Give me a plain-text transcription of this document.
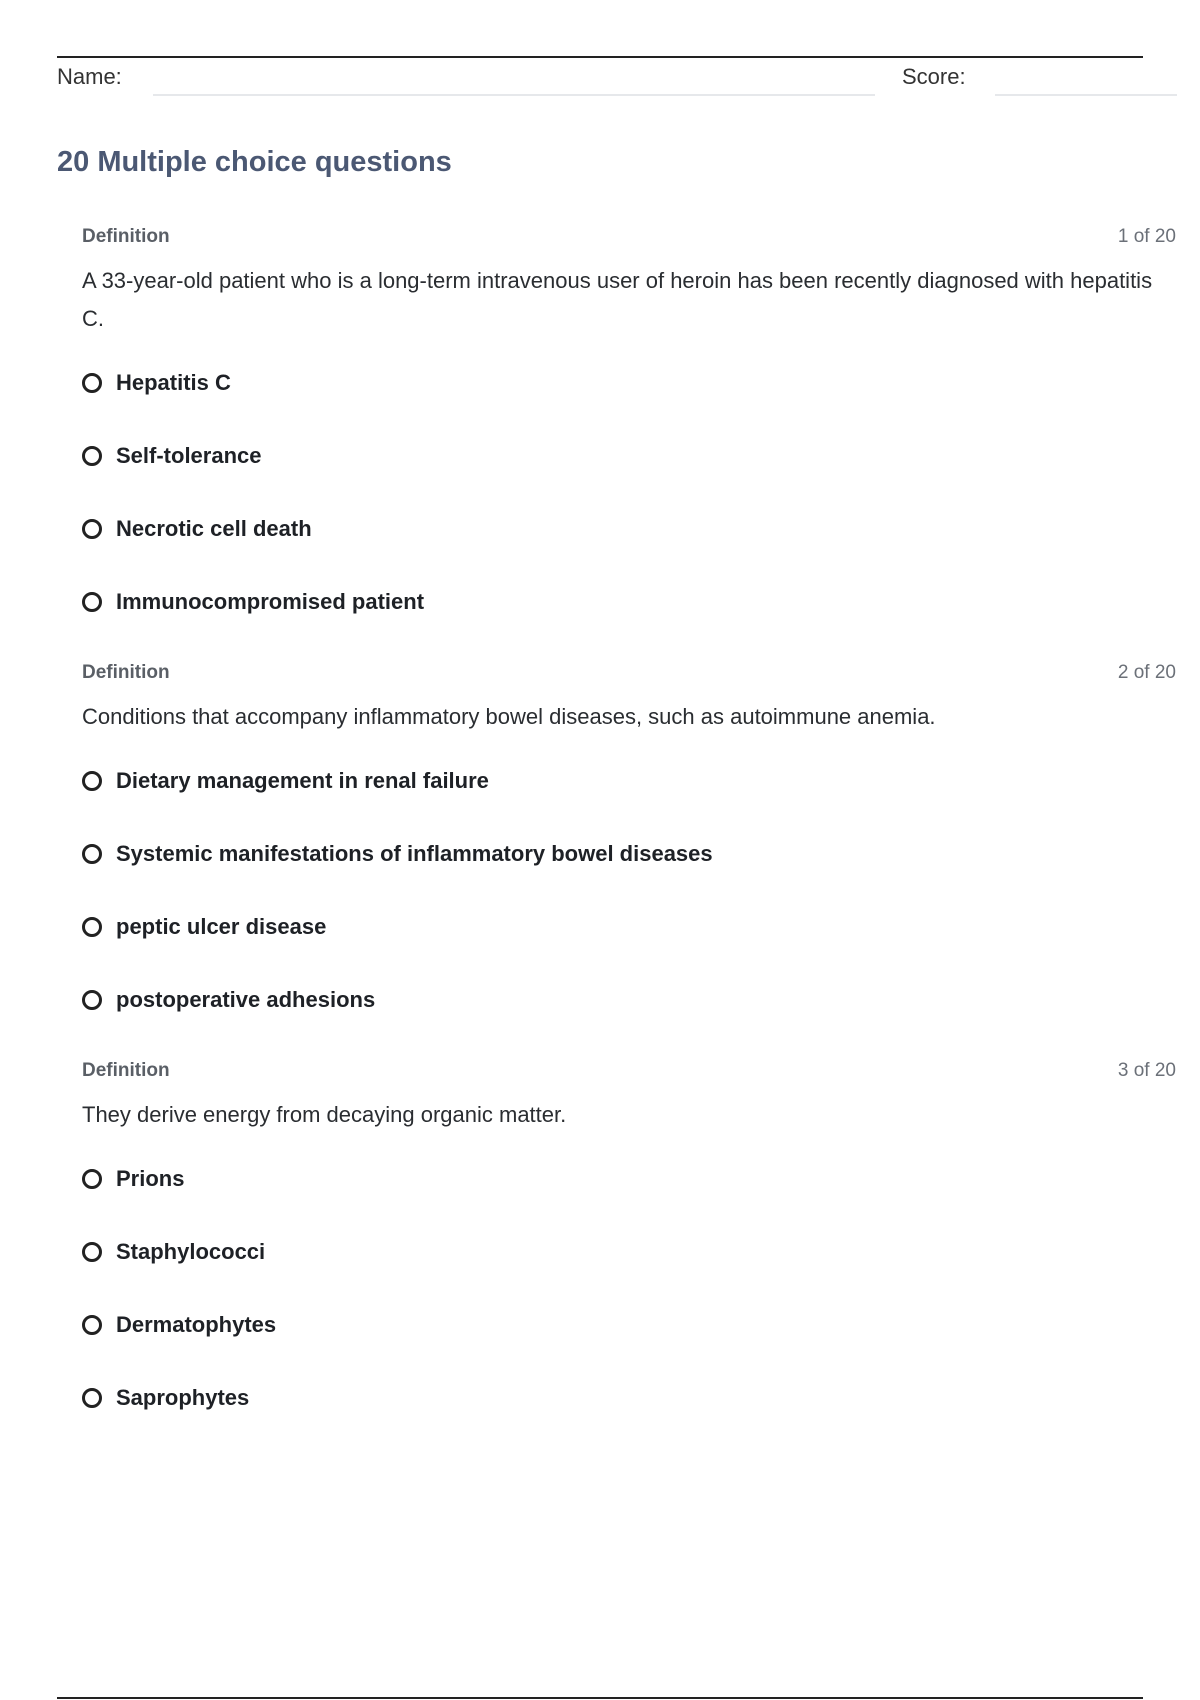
Name:	Score:
20 Multiple choice questions
Definition	1 of 20
A 33-year-old patient who is a long-term intravenous user of heroin has been recently diagnosed with hepatitis C.
Hepatitis C
Self-tolerance
Necrotic cell death
Immunocompromised patient
Definition	2 of 20
Conditions that accompany inflammatory bowel diseases, such as autoimmune anemia.
Dietary management in renal failure
Systemic manifestations of inflammatory bowel diseases
peptic ulcer disease
postoperative adhesions
Definition	3 of 20
They derive energy from decaying organic matter.
Prions
Staphylococci
Dermatophytes
Saprophytes
